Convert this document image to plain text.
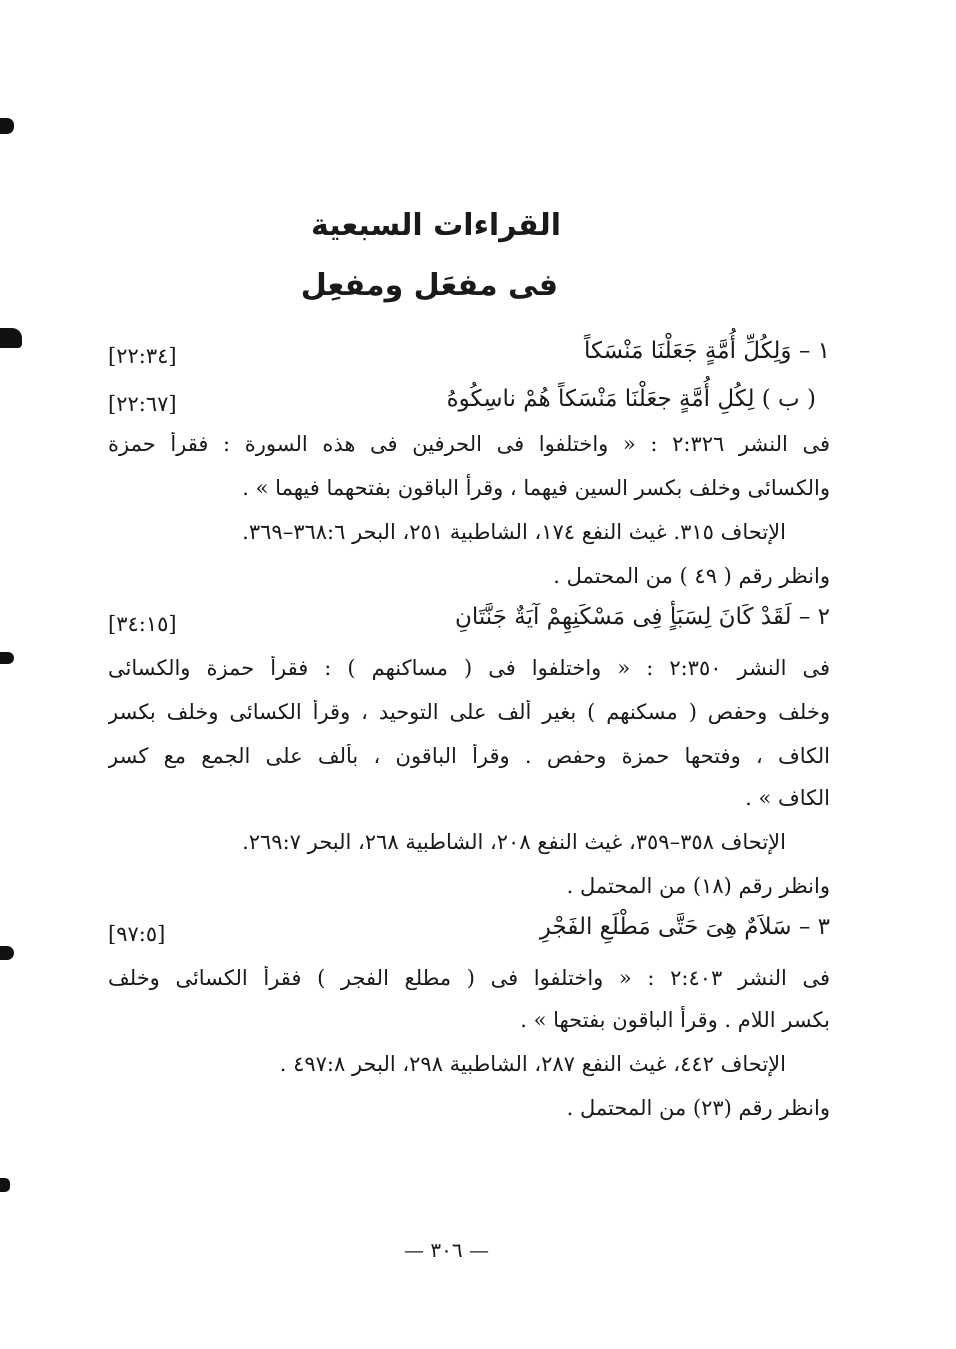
القراءات السبعية
فى مفعَل ومفعِل
١ – وَلِكُلِّ أُمَّةٍ جَعَلْنَا مَنْسَكاً
[٢٢:٣٤]
( ب ) لِكُلِ أُمَّةٍ جعَلْنَا مَنْسَكاً هُمْ ناسِكُوهُ
[٢٢:٦٧]
فى النشر ٢:٣٢٦ : « واختلفوا فى الحرفين فى هذه السورة : فقرأ حمزة
والكسائى وخلف بكسر السين فيهما ، وقرأ الباقون بفتحهما فيهما » .
الإتحاف ٣١٥. غيث النفع ١٧٤، الشاطبية ٢٥١، البحر ٣٦٨:٦–٣٦٩.
وانظر رقم ( ٤٩ ) من المحتمل .
٢ – لَقَدْ كَانَ لِسَبَأٍ فِى مَسْكَنِهِمْ آيَةٌ جَنَّتَانِ
[٣٤:١٥]
فى النشر ٢:٣٥٠ : « واختلفوا فى ( مساكنهم ) : فقرأ حمزة والكسائى
وخلف وحفص ( مسكنهم ) بغير ألف على التوحيد ، وقرأ الكسائى وخلف بكسر
الكاف ، وفتحها حمزة وحفص . وقرأ الباقون ، بألف على الجمع مع كسر
الكاف » .
الإتحاف ٣٥٨–٣٥٩، غيث النفع ٢٠٨، الشاطبية ٢٦٨، البحر ٢٦٩:٧.
وانظر رقم (١٨) من المحتمل .
٣ – سَلاَمٌ هِىَ حَتَّى مَطْلَعِ الفَجْرِ
[٩٧:٥]
فى النشر ٢:٤٠٣ : « واختلفوا فى ( مطلع الفجر ) فقرأ الكسائى وخلف
بكسر اللام . وقرأ الباقون بفتحها » .
الإتحاف ٤٤٢، غيث النفع ٢٨٧، الشاطبية ٢٩٨، البحر ٤٩٧:٨ .
وانظر رقم (٢٣) من المحتمل .
— ٣٠٦ —
